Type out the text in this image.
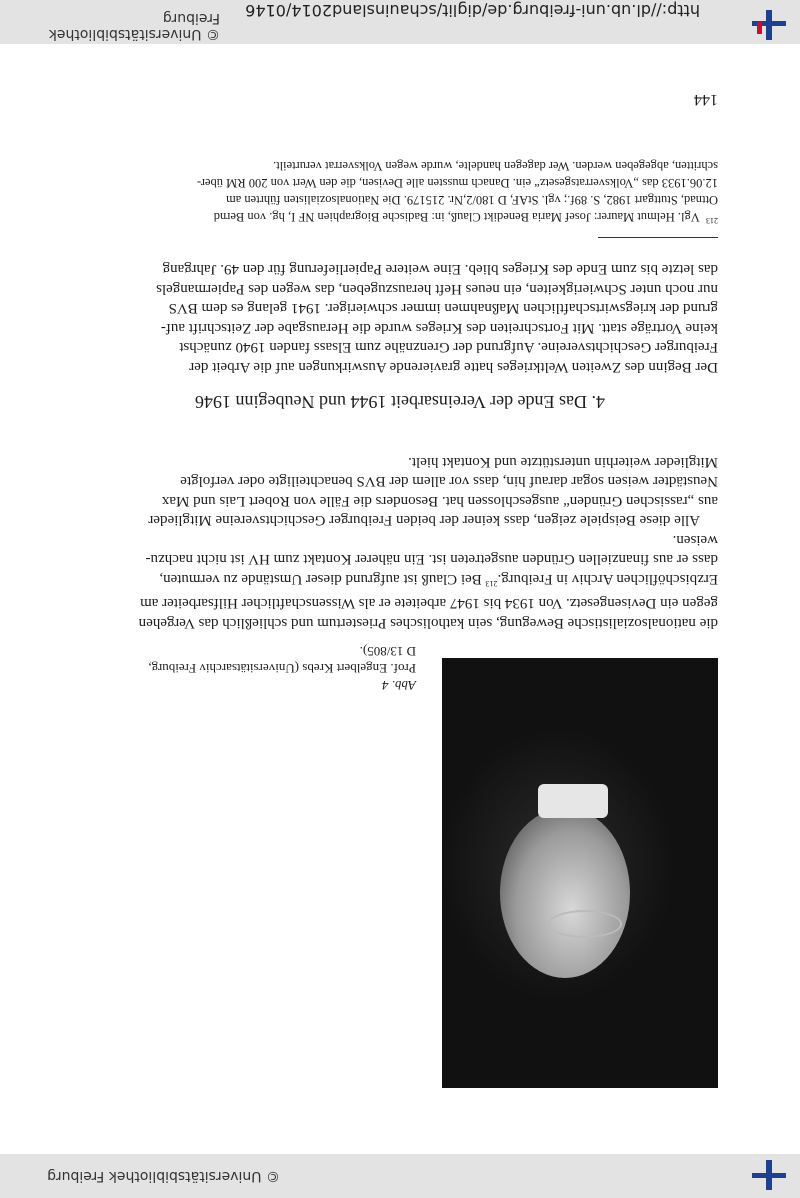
© Universitätsbibliothek Freiburg
Abb. 4
Prof. Engelbert Krebs (Universitätsarchiv Freiburg,
D 13/805).

die nationalsozialistische Bewegung, sein katholisches Priestertum und schließlich das Vergehen

gegen ein Devisengesetz. Von 1934 bis 1947 arbeitete er als Wissenschaftlicher Hilfsarbeiter am

Erzbischöflichen Archiv in Freiburg.$^{213}$ Bei Clauß ist aufgrund dieser Umstände zu vermuten,

dass er aus finanziellen Gründen ausgetreten ist. Ein näherer Kontakt zum HV ist nicht nachzu-

weisen.

Alle diese Beispiele zeigen, dass keiner der beiden Freiburger Geschichtsvereine Mitglieder

aus „rassischen Gründen“ ausgeschlossen hat. Besonders die Fälle von Robert Lais und Max

Neustädter weisen sogar darauf hin, dass vor allem der BVS benachteiligte oder verfolgte

Mitglieder weiterhin unterstützte und Kontakt hielt.

4. Das Ende der Vereinsarbeit 1944 und Neubeginn 1946

Der Beginn des Zweiten Weltkrieges hatte gravierende Auswirkungen auf die Arbeit der

Freiburger Geschichtsvereine. Aufgrund der Grenznähe zum Elsass fanden 1940 zunächst

keine Vorträge statt. Mit Fortschreiten des Krieges wurde die Herausgabe der Zeitschrift auf-

grund der kriegswirtschaftlichen Maßnahmen immer schwieriger. 1941 gelang es dem BVS

nur noch unter Schwierigkeiten, ein neues Heft herauszugeben, das wegen des Papiermangels

das letzte bis zum Ende des Krieges blieb. Eine weitere Papierlieferung für den 49. Jahrgang

$^{213}$  Vgl. Helmut Maurer: Josef Maria Benedikt Clauß, in: Badische Biographien NF I, hg. von Bernd
Ottnad, Stuttgart 1982, S. 89f.; vgl. StAF, D 180/2,Nr. 215179. Die Nationalsozialisten führten am
12.06.1933 das „Volksverratsgesetz“ ein. Danach mussten alle Devisen, die den Wert von 200 RM über-
schritten, abgegeben werden. Wer dagegen handelte, wurde wegen Volksverrat verurteilt.
144
http://dl.ub.uni-freiburg.de/diglit/schauinsland2014/0146
© Universitätsbibliothek Freiburg
